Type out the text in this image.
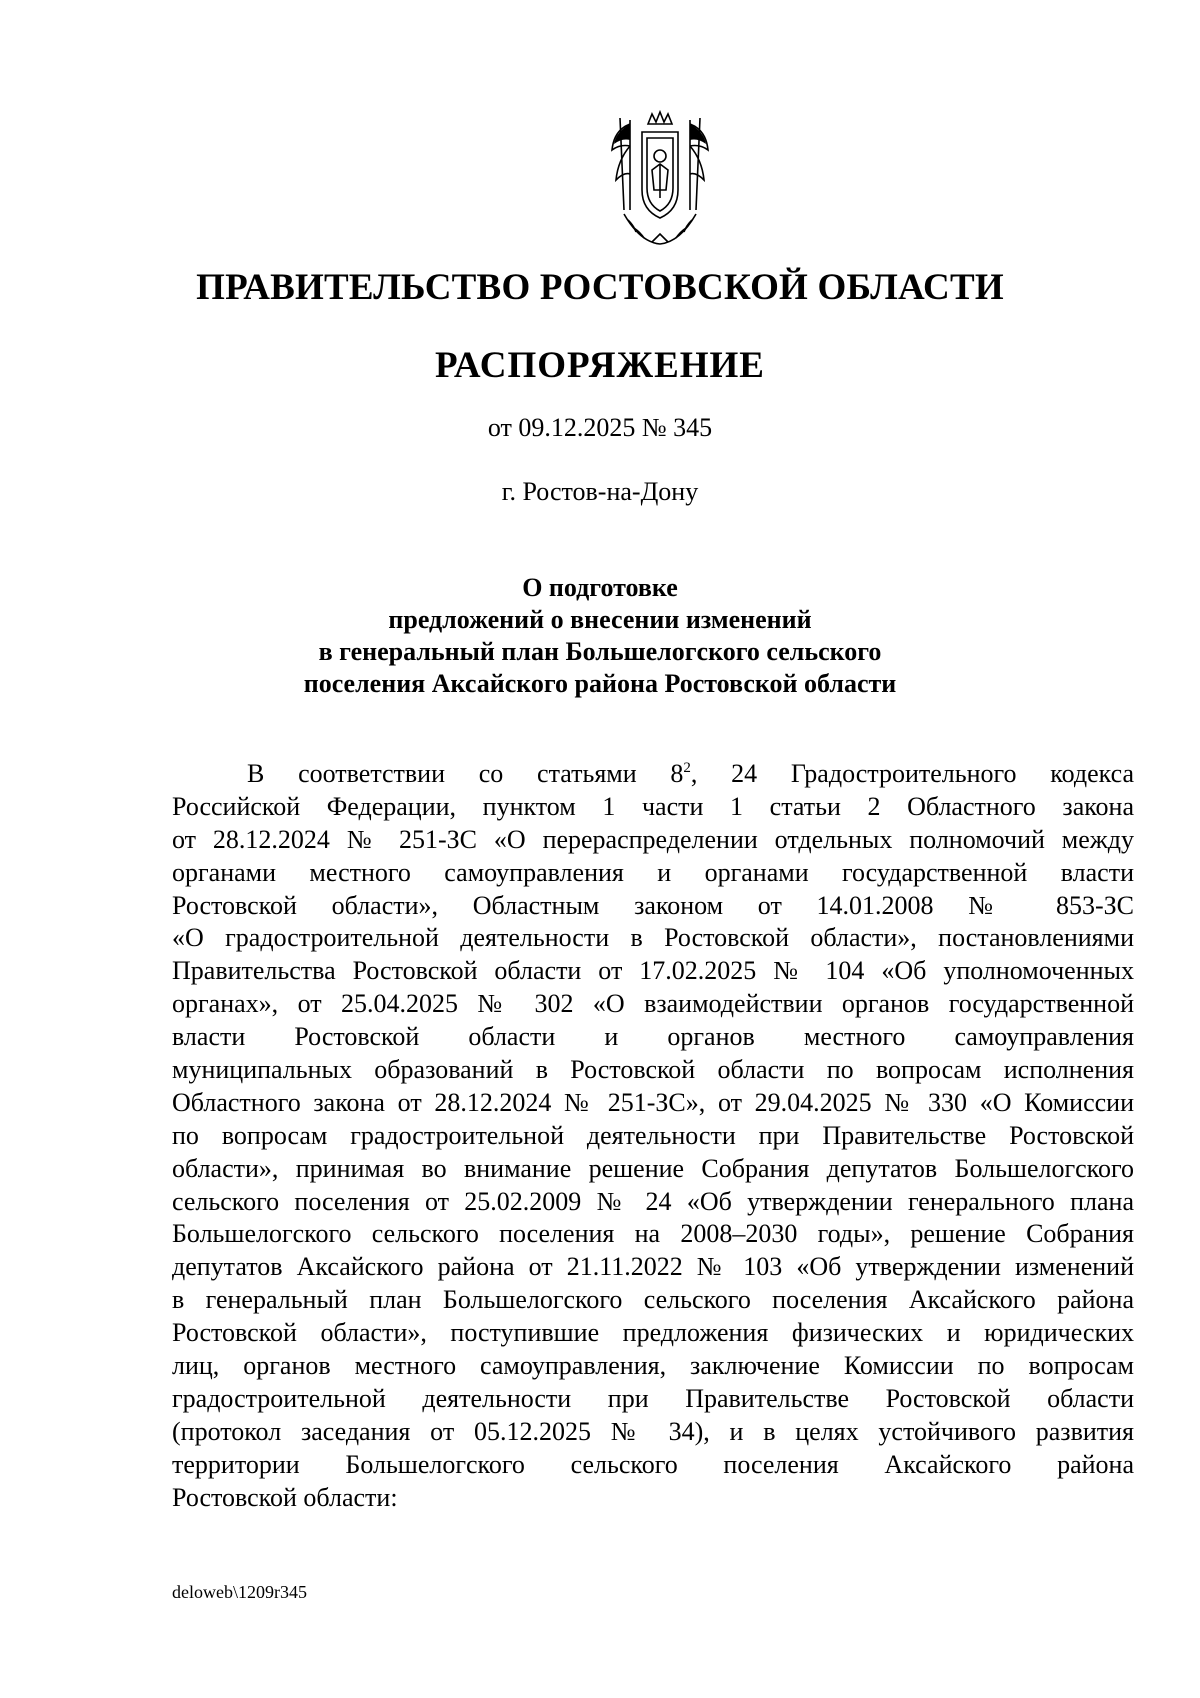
ПРАВИТЕЛЬСТВО РОСТОВСКОЙ ОБЛАСТИ
РАСПОРЯЖЕНИЕ
от 09.12.2025 № 345
г. Ростов-на-Дону
О подготовке
предложений о внесении изменений
в генеральный план Большелогского сельского
поселения Аксайского района Ростовской области
В соответствии со статьями $8^2$, 24 Градостроительного кодекса
Российской Федерации, пунктом 1 части 1 статьи 2 Областного закона
от 28.12.2024 № 251-ЗС «О перераспределении отдельных полномочий между
органами местного самоуправления и органами государственной власти
Ростовской области», Областным законом от 14.01.2008 № 853-ЗС
«О градостроительной деятельности в Ростовской области», постановлениями
Правительства Ростовской области от 17.02.2025 № 104 «Об уполномоченных
органах», от 25.04.2025 № 302 «О взаимодействии органов государственной
власти Ростовской области и органов местного самоуправления
муниципальных образований в Ростовской области по вопросам исполнения
Областного закона от 28.12.2024 № 251-ЗС», от 29.04.2025 № 330 «О Комиссии
по вопросам градостроительной деятельности при Правительстве Ростовской
области», принимая во внимание решение Собрания депутатов Большелогского
сельского поселения от 25.02.2009 № 24 «Об утверждении генерального плана
Большелогского сельского поселения на 2008–2030 годы», решение Собрания
депутатов Аксайского района от 21.11.2022 № 103 «Об утверждении изменений
в генеральный план Большелогского сельского поселения Аксайского района
Ростовской области», поступившие предложения физических и юридических
лиц, органов местного самоуправления, заключение Комиссии по вопросам
градостроительной деятельности при Правительстве Ростовской области
(протокол заседания от 05.12.2025 № 34), и в целях устойчивого развития
территории Большелогского сельского поселения Аксайского района
Ростовской области:
deloweb\1209r345
